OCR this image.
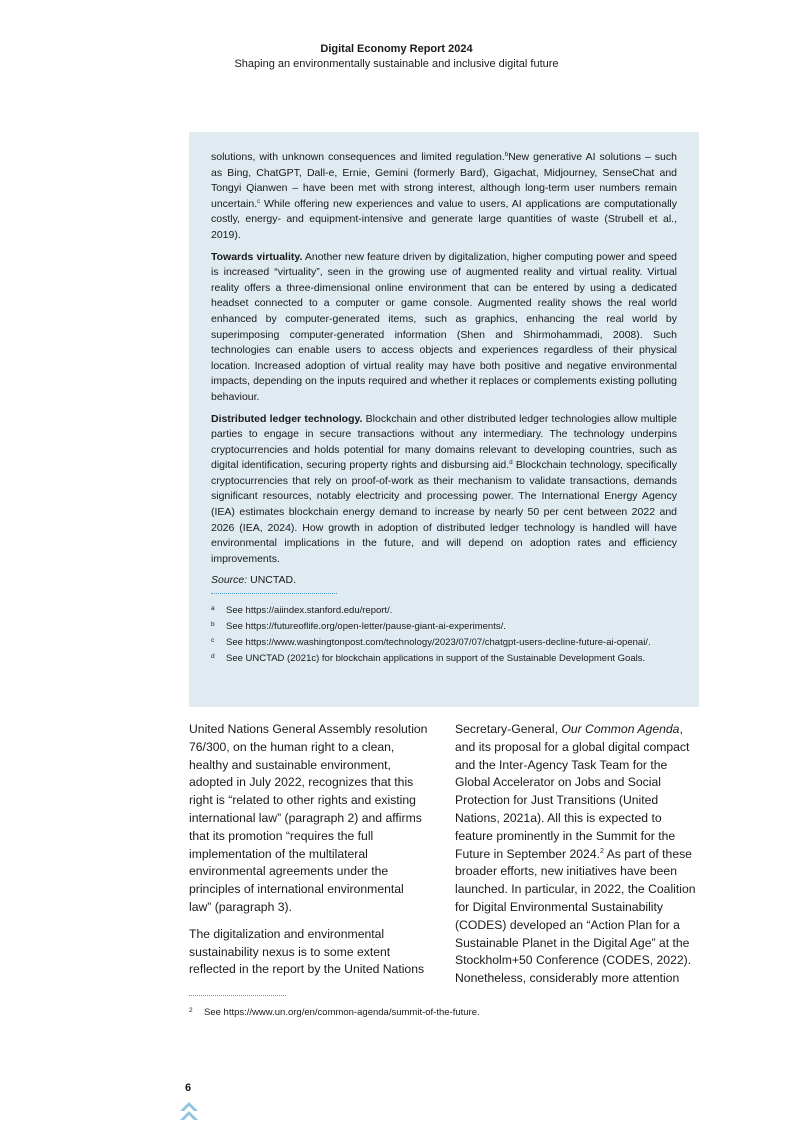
Digital Economy Report 2024
Shaping an environmentally sustainable and inclusive digital future

solutions, with unknown consequences and limited regulation.$^b$New generative AI solutions – such as Bing, ChatGPT, Dall-e, Ernie, Gemini (formerly Bard), Gigachat, Midjourney, SenseChat and Tongyi Qianwen – have been met with strong interest, although long-term user numbers remain uncertain.$^c$ While offering new experiences and value to users, AI applications are computationally costly, energy- and equipment-intensive and generate large quantities of waste (Strubell et al., 2019).

Towards virtuality. Another new feature driven by digitalization, higher computing power and speed is increased “virtuality”, seen in the growing use of augmented reality and virtual reality. Virtual reality offers a three-dimensional online environment that can be entered by using a dedicated headset connected to a computer or game console. Augmented reality shows the real world enhanced by computer-generated items, such as graphics, enhancing the real world by superimposing computer-generated information (Shen and Shirmohammadi, 2008). Such technologies can enable users to access objects and experiences regardless of their physical location. Increased adoption of virtual reality may have both positive and negative environmental impacts, depending on the inputs required and whether it replaces or complements existing polluting behaviour.

Distributed ledger technology. Blockchain and other distributed ledger technologies allow multiple parties to engage in secure transactions without any intermediary. The technology underpins cryptocurrencies and holds potential for many domains relevant to developing countries, such as digital identification, securing property rights and disbursing aid.$^d$ Blockchain technology, specifically cryptocurrencies that rely on proof-of-work as their mechanism to validate transactions, demands significant resources, notably electricity and processing power. The International Energy Agency (IEA) estimates blockchain energy demand to increase by nearly 50 per cent between 2022 and 2026 (IEA, 2024). How growth in adoption of distributed ledger technology is handled will have environmental implications in the future, and will depend on adoption rates and efficiency improvements.

Source: UNCTAD.

a	See https://aiindex.stanford.edu/report/.
b	See https://futureoflife.org/open-letter/pause-giant-ai-experiments/.
c	See https://www.washingtonpost.com/technology/2023/07/07/chatgpt-users-decline-future-ai-openai/.
d	See UNCTAD (2021c) for blockchain applications in support of the Sustainable Development Goals.

United Nations General Assembly resolution 76/300, on the human right to a clean, healthy and sustainable environment, adopted in July 2022, recognizes that this right is “related to other rights and existing international law” (paragraph 2) and affirms that its promotion “requires the full implementation of the multilateral environmental agreements under the principles of international environmental law” (paragraph 3).

The digitalization and environmental sustainability nexus is to some extent reflected in the report by the United Nations

Secretary-General, Our Common Agenda, and its proposal for a global digital compact and the Inter-Agency Task Team for the Global Accelerator on Jobs and Social Protection for Just Transitions (United Nations, 2021a). All this is expected to feature prominently in the Summit for the Future in September 2024.$^2$ As part of these broader efforts, new initiatives have been launched. In particular, in 2022, the Coalition for Digital Environmental Sustainability (CODES) developed an “Action Plan for a Sustainable Planet in the Digital Age” at the Stockholm+50 Conference (CODES, 2022). Nonetheless, considerably more attention

2	See https://www.un.org/en/common-agenda/summit-of-the-future.
6
